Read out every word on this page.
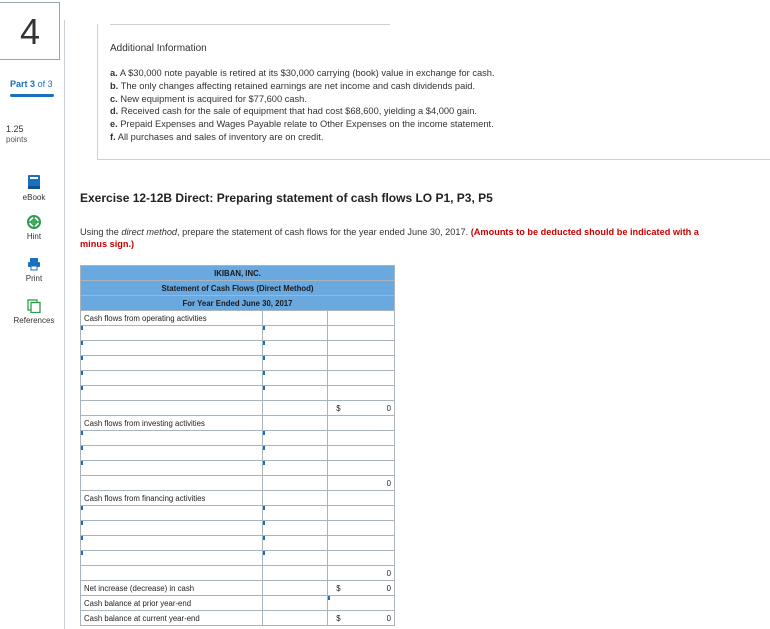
4
Part 3 of 3
1.25
points
eBook
Hint
Print
References
Additional Information
a. A $30,000 note payable is retired at its $30,000 carrying (book) value in exchange for cash.
b. The only changes affecting retained earnings are net income and cash dividends paid.
c. New equipment is acquired for $77,600 cash.
d. Received cash for the sale of equipment that had cost $68,600, yielding a $4,000 gain.
e. Prepaid Expenses and Wages Payable relate to Other Expenses on the income statement.
f. All purchases and sales of inventory are on credit.
Exercise 12-12B Direct: Preparing statement of cash flows LO P1, P3, P5
Using the direct method, prepare the statement of cash flows for the year ended June 30, 2017. (Amounts to be deducted should be indicated with a minus sign.)
IKIBAN, INC.		
Statement of Cash Flows (Direct Method)		
For Year Ended June 30, 2017		
Cash flows from operating activities		

		$ 0

Cash flows from investing activities		

		0
Cash flows from financing activities		

		0
Net increase (decrease) in cash		$ 0

Cash balance at prior year-end		
Cash balance at current year-end		$ 0
